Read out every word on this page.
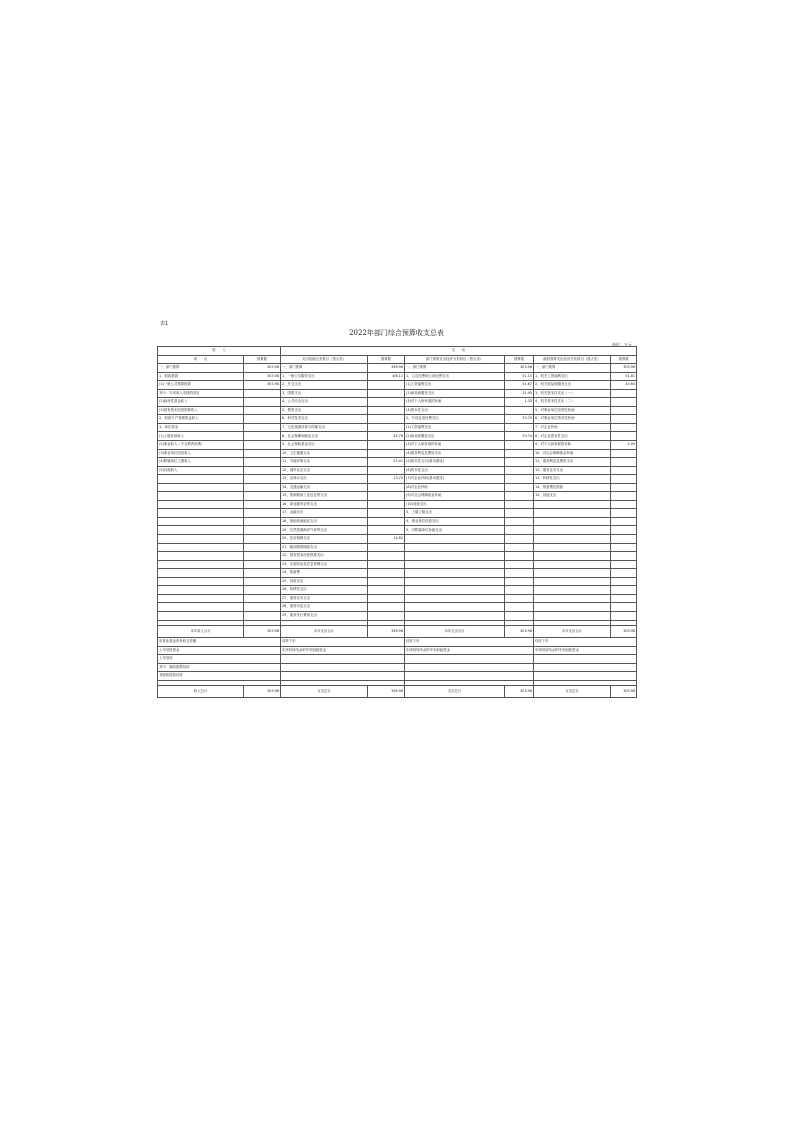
表1
2022年部门综合预算收支总表
单位：万元
收　　入		支　　出					
项　　目	预算数	支出功能分类科目（按大类）	预算数	部门预算支出经济分类科目（按大类）	预算数	政府预算支出经济分类科目（按大类）	预算数
一、部门预算	303.98	一、部门预算	396.96	一、部门预算	303.98	一、部门预算	303.98
1、财政拨款	303.98	1、一般公共服务支出	4ⅰ6.11	1、人员经费和公用经费支出	51.15	1、机关工资福利支出	51.81
(1)一般公共预算拨款	303.98	2、外交支出		(1)工资福利支出	51.67	2、机关商品和服务支出	45.64
其中：专项收入安排的项目		3、国防支出		(2)商品和服务支出	31.95	3、机关资本性支出（一）	
(2)政府性基金收入		4、公共安全支出		(3)对个人和家庭的补助	1.33	4、机关资本性支出（二）	
(3)国有资本经营预算收入		5、教育支出		(4)资本性支出		5、对事业单位经常性补助	
2、财政专户管理资金收入		6、科学技术支出		2、专项业务经费支出	70.70	6、对事业单位资本性补助	
3、单位资金		7、文化旅游体育与传媒支出		(1)工资福利支出		7、对企业补助	
(1)上级补助收入		8、社会保障和就业支出	35.76	(2)商品和服务支出	70.74	8、对企业资本性支出	
(2)事业收入（不含教育收费）		9、社会保险基金支出		(3)对个人和家庭的补助		9、对个人和家庭的补助	5.05
(3)事业单位经营收入		10、卫生健康支出		(4)债务利息及费用支出		10、对社会保障基金补助	
(4)附属单位上缴收入		11、节能环保支出	25.41	(5)资本性支出(基本建设)		11、债务利息及费用支出	
(5)其他收入		12、城乡社区支出		(6)资本性支出		12、债务还本支出	
		13、农林水支出	13.70	(7)对企业补助(基本建设)		13、转移性支出	
		14、交通运输支出		(8)对企业补助		14、预备费及预留	
		15、资源勘探工业信息等支出		(9)对社会保障基金补助		15、其他支出	
		16、商业服务业等支出		(10)其他支出			
		17、金融支出		3、上缴上级支出			
		18、援助其他地区支出		4、事业单位经营支出			
		19、自然资源海洋气象等支出		5、对附属单位补助支出			
		20、住房保障支出	14.82				
		21、粮油物资储备支出					
		22、国有资本经营预算支出					
		23、灾害防治及应急管理支出					
		24、预备费					
		25、其他支出					
		26、转移性支出					
		27、债务还本支出					
		28、债务付息支出					
		29、债务发行费用支出					

本年收入合计	303.98	本年支出合计	396.96	本年支出合计	303.98	本年支出合计	303.98
用事业基金弥补收支差额		结转下年		结转下年		结转下年	
上年结转资金		年终结转结余的中央财政资金		年终结转结余的中央财政资金		年终结转结余的中央财政资金	
上年结转							
其中：财政拨款结转							
非财政拨款结转							

收入总计	303.98	支出总计	396.96	支出总计	303.98	支出总计	303.98
